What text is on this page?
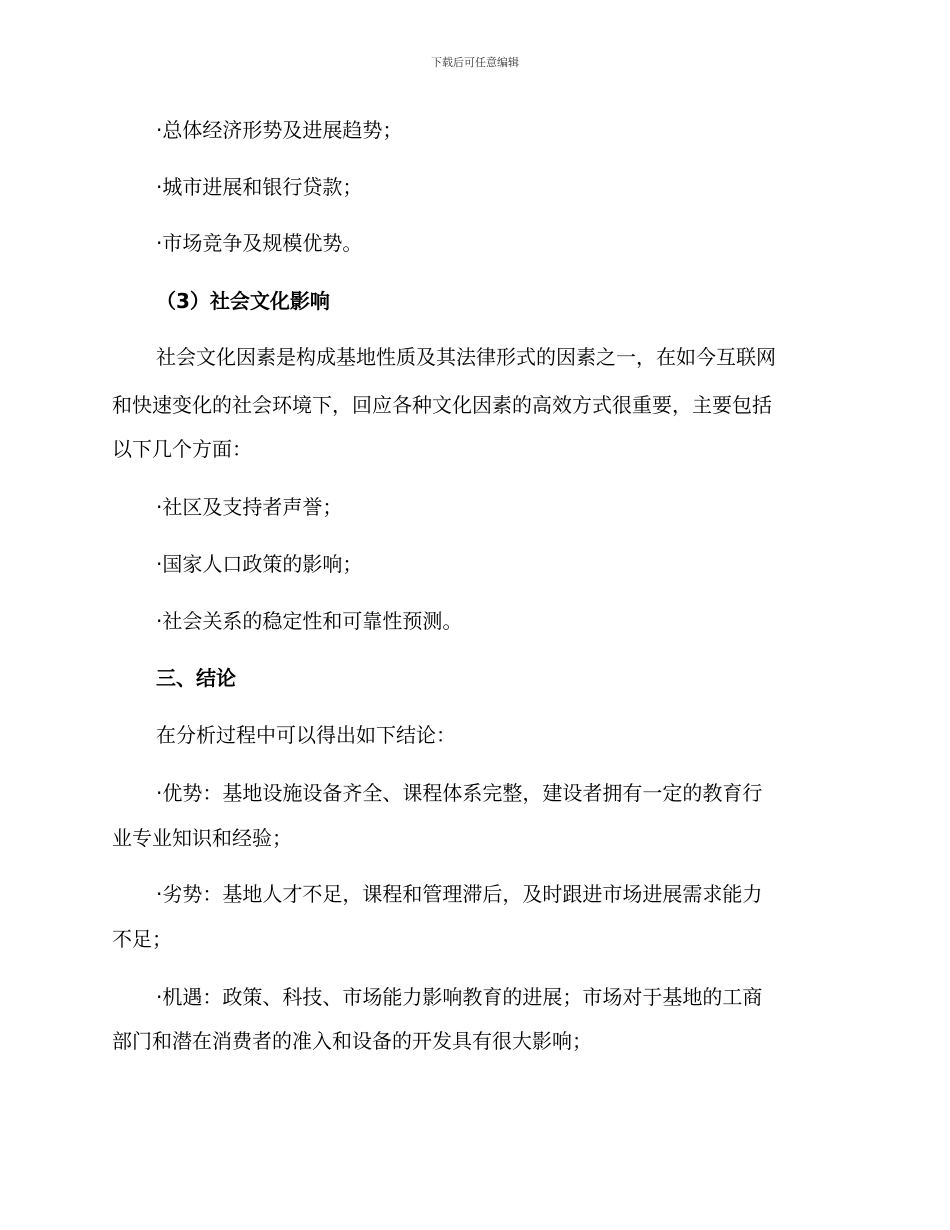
下载后可任意编辑
·总体经济形势及进展趋势；
·城市进展和银行贷款；
·市场竞争及规模优势。
（3）社会文化影响
社会文化因素是构成基地性质及其法律形式的因素之一，在如今互联网
和快速变化的社会环境下，回应各种文化因素的高效方式很重要，主要包括
以下几个方面：
·社区及支持者声誉；
·国家人口政策的影响；
·社会关系的稳定性和可靠性预测。
三、结论
在分析过程中可以得出如下结论：
·优势：基地设施设备齐全、课程体系完整，建设者拥有一定的教育行
业专业知识和经验；
·劣势：基地人才不足，课程和管理滞后，及时跟进市场进展需求能力
不足；
·机遇：政策、科技、市场能力影响教育的进展；市场对于基地的工商
部门和潜在消费者的准入和设备的开发具有很大影响；
